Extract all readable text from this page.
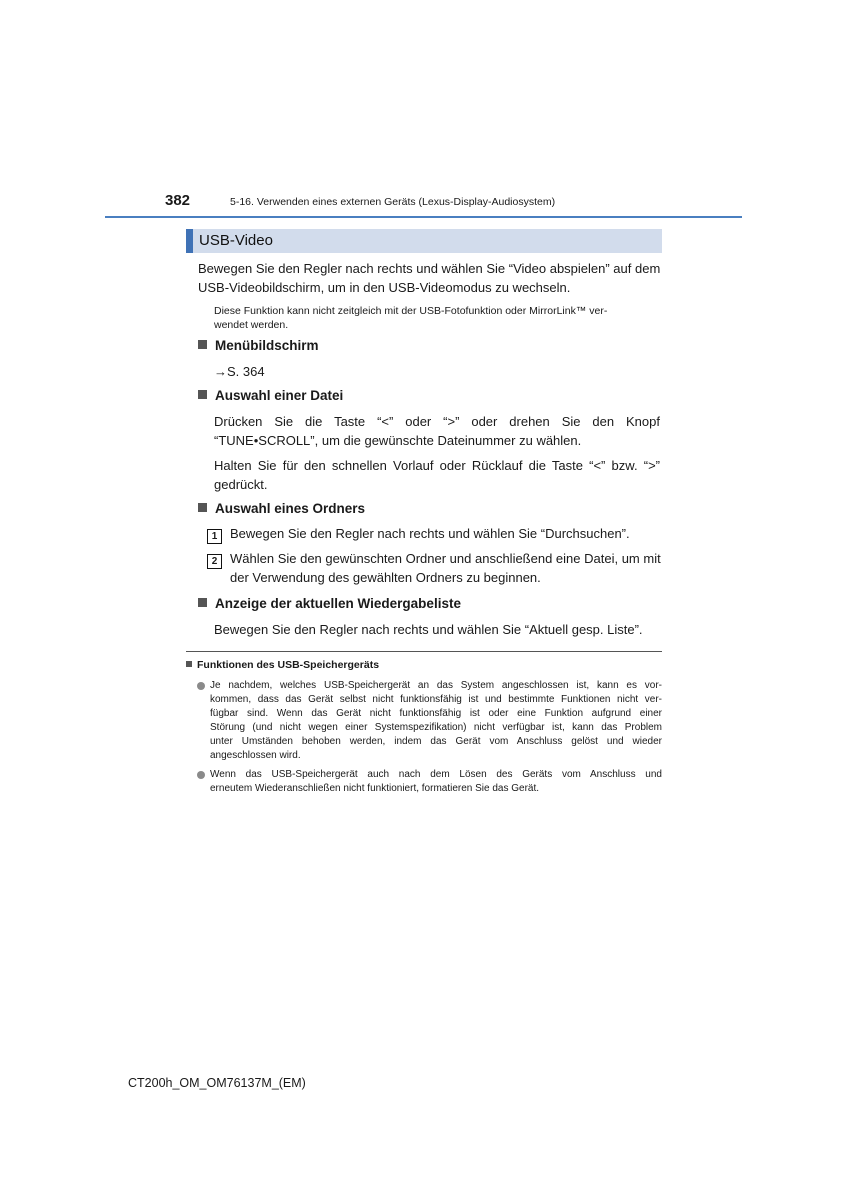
382	5-16. Verwenden eines externen Geräts (Lexus-Display-Audiosystem)
USB-Video

Bewegen Sie den Regler nach rechts und wählen Sie “Video abspielen” auf dem

USB-Videobildschirm, um in den USB-Videomodus zu wechseln.

Diese Funktion kann nicht zeitgleich mit der USB-Fotofunktion oder MirrorLink™ ver-

wendet werden.

Menübildschirm
→S. 364
Auswahl einer Datei

Drücken Sie die Taste “<” oder “>” oder drehen Sie den Knopf

“TUNE•SCROLL”, um die gewünschte Dateinummer zu wählen.

Halten Sie für den schnellen Vorlauf oder Rücklauf die Taste “<” bzw. “>”

gedrückt.

Auswahl eines Ordners
1 Bewegen Sie den Regler nach rechts und wählen Sie “Durchsuchen”.
2 Wählen Sie den gewünschten Ordner und anschließend eine Datei, um mit

der Verwendung des gewählten Ordners zu beginnen.

Anzeige der aktuellen Wiedergabeliste
Bewegen Sie den Regler nach rechts und wählen Sie “Aktuell gesp. Liste”.
Funktionen des USB-Speichergeräts

Je nachdem, welches USB-Speichergerät an das System angeschlossen ist, kann es vor-

kommen, dass das Gerät selbst nicht funktionsfähig ist und bestimmte Funktionen nicht ver-

fügbar sind. Wenn das Gerät nicht funktionsfähig ist oder eine Funktion aufgrund einer

Störung (und nicht wegen einer Systemspezifikation) nicht verfügbar ist, kann das Problem

unter Umständen behoben werden, indem das Gerät vom Anschluss gelöst und wieder

angeschlossen wird.

Wenn das USB-Speichergerät auch nach dem Lösen des Geräts vom Anschluss und

erneutem Wiederanschließen nicht funktioniert, formatieren Sie das Gerät.

CT200h_OM_OM76137M_(EM)
